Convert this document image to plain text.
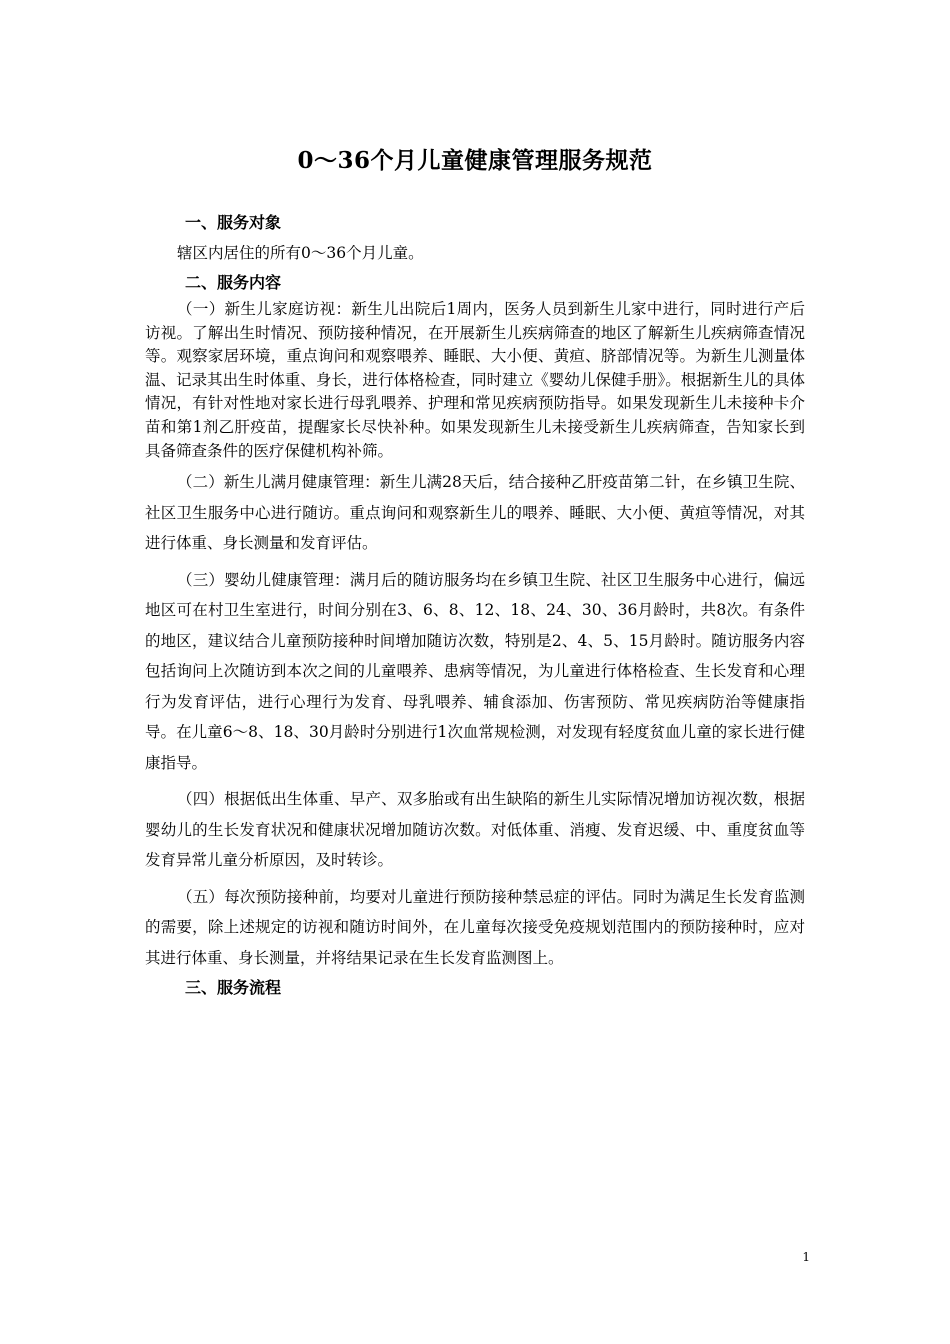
0～36个月儿童健康管理服务规范

一、服务对象

辖区内居住的所有0～36个月儿童。

二、服务内容

（一）新生儿家庭访视：新生儿出院后1周内，医务人员到新生儿家中进行，同时进行产后访视。了解出生时情况、预防接种情况，在开展新生儿疾病筛查的地区了解新生儿疾病筛查情况等。观察家居环境，重点询问和观察喂养、睡眠、大小便、黄疸、脐部情况等。为新生儿测量体温、记录其出生时体重、身长，进行体格检查，同时建立《婴幼儿保健手册》。根据新生儿的具体情况，有针对性地对家长进行母乳喂养、护理和常见疾病预防指导。如果发现新生儿未接种卡介苗和第1剂乙肝疫苗，提醒家长尽快补种。如果发现新生儿未接受新生儿疾病筛查，告知家长到具备筛查条件的医疗保健机构补筛。

（二）新生儿满月健康管理：新生儿满28天后，结合接种乙肝疫苗第二针，在乡镇卫生院、社区卫生服务中心进行随访。重点询问和观察新生儿的喂养、睡眠、大小便、黄疸等情况，对其进行体重、身长测量和发育评估。

（三）婴幼儿健康管理：满月后的随访服务均在乡镇卫生院、社区卫生服务中心进行，偏远地区可在村卫生室进行，时间分别在3、6、8、12、18、24、30、36月龄时，共8次。有条件的地区，建议结合儿童预防接种时间增加随访次数，特别是2、4、5、15月龄时。随访服务内容包括询问上次随访到本次之间的儿童喂养、患病等情况，为儿童进行体格检查、生长发育和心理行为发育评估，进行心理行为发育、母乳喂养、辅食添加、伤害预防、常见疾病防治等健康指导。在儿童6～8、18、30月龄时分别进行1次血常规检测，对发现有轻度贫血儿童的家长进行健康指导。

（四）根据低出生体重、早产、双多胎或有出生缺陷的新生儿实际情况增加访视次数，根据婴幼儿的生长发育状况和健康状况增加随访次数。对低体重、消瘦、发育迟缓、中、重度贫血等发育异常儿童分析原因，及时转诊。

（五）每次预防接种前，均要对儿童进行预防接种禁忌症的评估。同时为满足生长发育监测的需要，除上述规定的访视和随访时间外，在儿童每次接受免疫规划范围内的预防接种时，应对其进行体重、身长测量，并将结果记录在生长发育监测图上。

三、服务流程

1
